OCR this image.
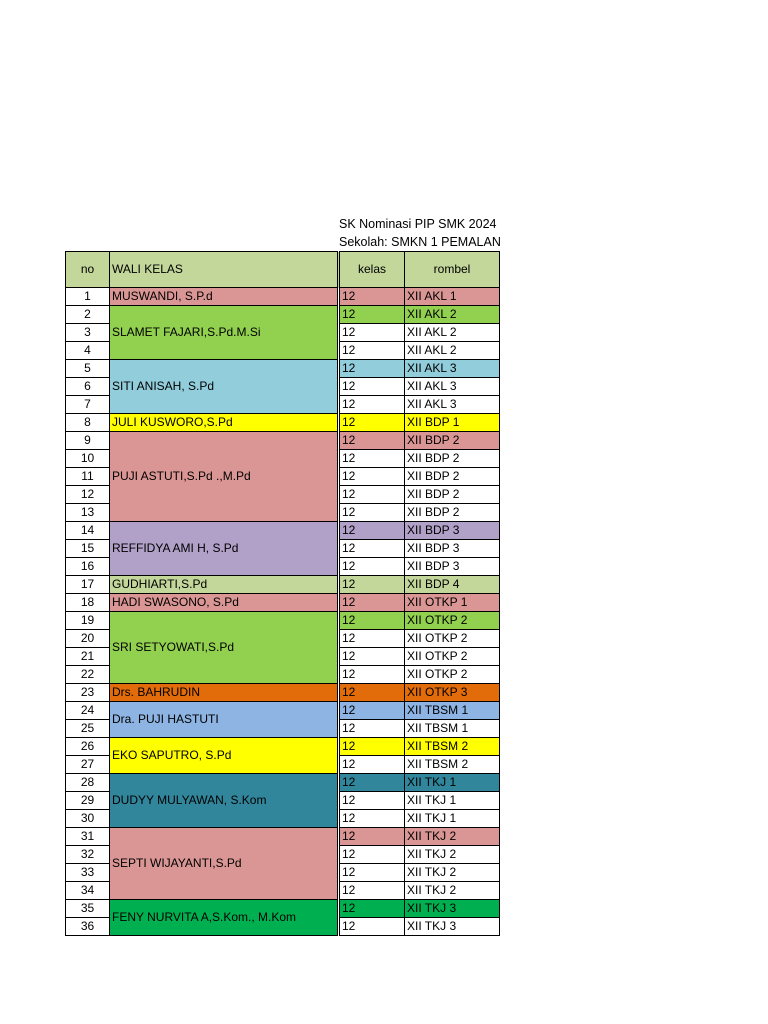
SK Nominasi PIP SMK 2024
Sekolah: SMKN 1 PEMALAN
no	WALI KELAS		kelas	rombel
1	MUSWANDI, S.P.d		12	XII AKL 1
2	SLAMET FAJARI,S.Pd.M.Si		12	XII AKL 2
3			12	XII AKL 2
4			12	XII AKL 2
5	SITI ANISAH, S.Pd		12	XII AKL 3
6			12	XII AKL 3
7			12	XII AKL 3
8	JULI KUSWORO,S.Pd		12	XII BDP 1
9	PUJI ASTUTI,S.Pd .,M.Pd		12	XII BDP 2
10			12	XII BDP 2
11			12	XII BDP 2
12			12	XII BDP 2
13			12	XII BDP 2
14	REFFIDYA AMI H, S.Pd		12	XII BDP 3
15			12	XII BDP 3
16			12	XII BDP 3
17	GUDHIARTI,S.Pd		12	XII BDP 4
18	HADI SWASONO, S.Pd		12	XII OTKP 1
19	SRI SETYOWATI,S.Pd		12	XII OTKP 2
20			12	XII OTKP 2
21			12	XII OTKP 2
22			12	XII OTKP 2
23	Drs. BAHRUDIN		12	XII OTKP 3
24	Dra. PUJI HASTUTI		12	XII TBSM 1
25			12	XII TBSM 1
26	EKO SAPUTRO, S.Pd		12	XII TBSM 2
27			12	XII TBSM 2
28	DUDYY MULYAWAN, S.Kom		12	XII TKJ 1
29			12	XII TKJ 1
30			12	XII TKJ 1
31	SEPTI WIJAYANTI,S.Pd		12	XII TKJ 2
32			12	XII TKJ 2
33			12	XII TKJ 2
34			12	XII TKJ 2
35	FENY NURVITA A,S.Kom., M.Kom		12	XII TKJ 3
36			12	XII TKJ 3
